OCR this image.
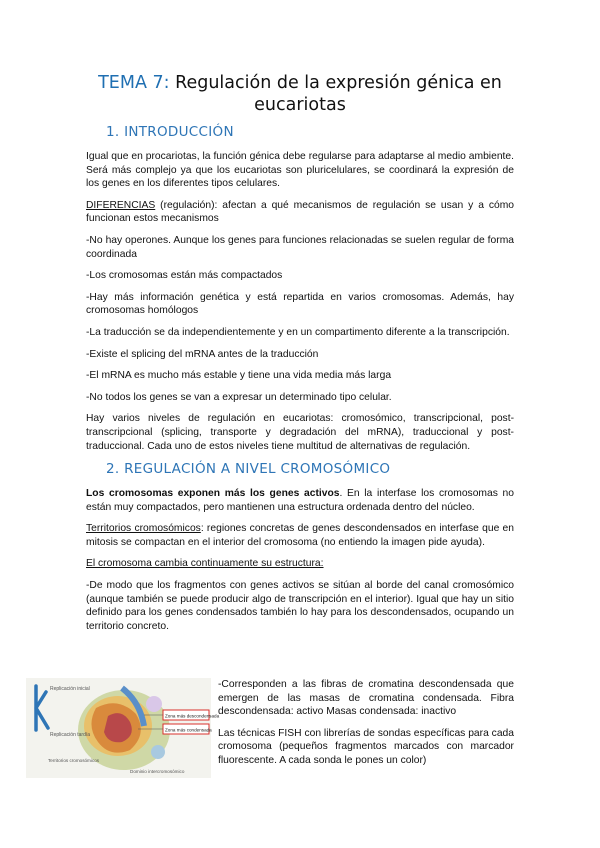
TEMA 7: Regulación de la expresión génica en eucariotas
1. INTRODUCCIÓN

Igual que en procariotas, la función génica debe regularse para adaptarse al medio ambiente. Será más complejo ya que los eucariotas son pluricelulares, se coordinará la expresión de los genes en los diferentes tipos celulares.

DIFERENCIAS (regulación): afectan a qué mecanismos de regulación se usan y a cómo funcionan estos mecanismos

-No hay operones. Aunque los genes para funciones relacionadas se suelen regular de forma coordinada

-Los cromosomas están más compactados

-Hay más información genética y está repartida en varios cromosomas. Además, hay cromosomas homólogos

-La traducción se da independientemente y en un compartimento diferente a la transcripción.

-Existe el splicing del mRNA antes de la traducción

-El mRNA es mucho más estable y tiene una vida media más larga

-No todos los genes se van a expresar un determinado tipo celular.

Hay varios niveles de regulación en eucariotas: cromosómico, transcripcional, post-transcripcional (splicing, transporte y degradación del mRNA), traduccional y post-traduccional. Cada uno de estos niveles tiene multitud de alternativas de regulación.

2. REGULACIÓN A NIVEL CROMOSÓMICO

Los cromosomas exponen más los genes activos. En la interfase los cromosomas no están muy compactados, pero mantienen una estructura ordenada dentro del núcleo.

Territorios cromosómicos: regiones concretas de genes descondensados en interfase que en mitosis se compactan en el interior del cromosoma (no entiendo la imagen pide ayuda).

El cromosoma cambia continuamente su estructura:

-De modo que los fragmentos con genes activos se sitúan al borde del canal cromosómico (aunque también se puede producir algo de transcripción en el interior). Igual que hay un sitio definido para los genes condensados también lo hay para los descondensados, ocupando un territorio concreto.

Zona más descondensada
Zona más condensada
Replicación inicial
Replicación tardía
Territorios cromosómicos
Dominio intercromosómico

-Corresponden a las fibras de cromatina descondensada que emergen de las masas de cromatina condensada. Fibra descondensada: activo Masas condensada: inactivo

Las técnicas FISH con librerías de sondas específicas para cada cromosoma (pequeños fragmentos marcados con marcador fluorescente. A cada sonda le pones un color)
